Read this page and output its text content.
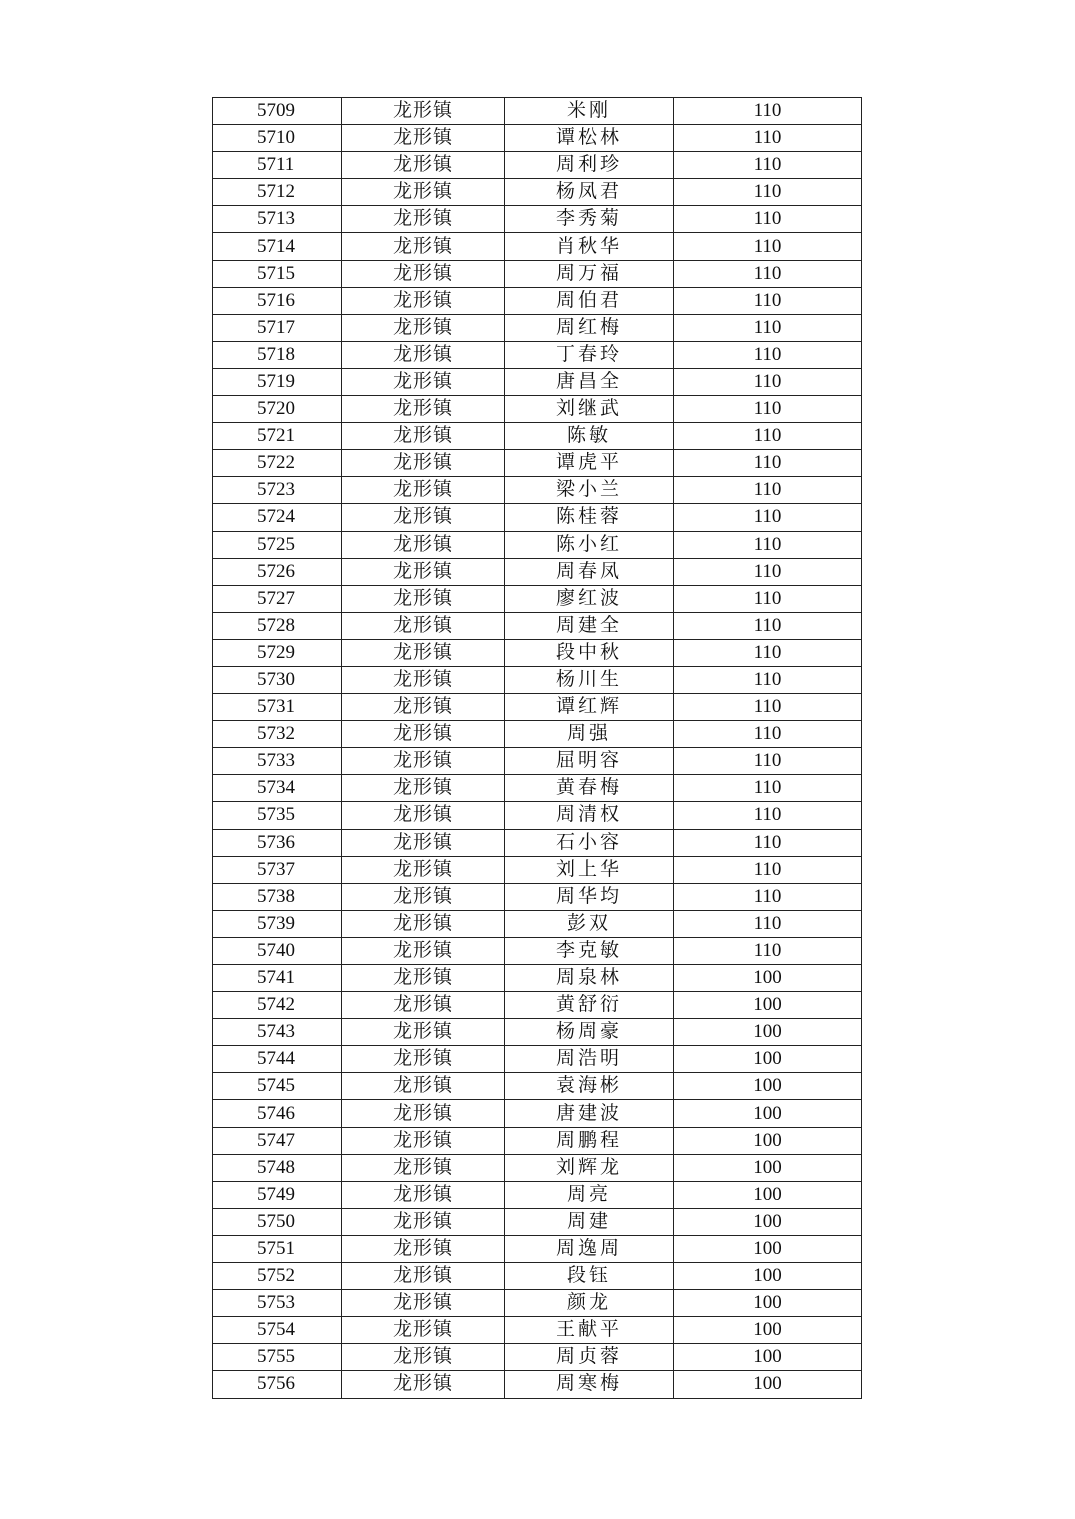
5709	龙形镇	米刚	110
5710	龙形镇	谭松林	110
5711	龙形镇	周利珍	110
5712	龙形镇	杨凤君	110
5713	龙形镇	李秀菊	110
5714	龙形镇	肖秋华	110
5715	龙形镇	周万福	110
5716	龙形镇	周伯君	110
5717	龙形镇	周红梅	110
5718	龙形镇	丁春玲	110
5719	龙形镇	唐昌全	110
5720	龙形镇	刘继武	110
5721	龙形镇	陈敏	110
5722	龙形镇	谭虎平	110
5723	龙形镇	梁小兰	110
5724	龙形镇	陈桂蓉	110
5725	龙形镇	陈小红	110
5726	龙形镇	周春凤	110
5727	龙形镇	廖红波	110
5728	龙形镇	周建全	110
5729	龙形镇	段中秋	110
5730	龙形镇	杨川生	110
5731	龙形镇	谭红辉	110
5732	龙形镇	周强	110
5733	龙形镇	屈明容	110
5734	龙形镇	黄春梅	110
5735	龙形镇	周清权	110
5736	龙形镇	石小容	110
5737	龙形镇	刘上华	110
5738	龙形镇	周华均	110
5739	龙形镇	彭双	110
5740	龙形镇	李克敏	110
5741	龙形镇	周泉林	100
5742	龙形镇	黄舒衍	100
5743	龙形镇	杨周豪	100
5744	龙形镇	周浩明	100
5745	龙形镇	袁海彬	100
5746	龙形镇	唐建波	100
5747	龙形镇	周鹏程	100
5748	龙形镇	刘辉龙	100
5749	龙形镇	周亮	100
5750	龙形镇	周建	100
5751	龙形镇	周逸周	100
5752	龙形镇	段钰	100
5753	龙形镇	颜龙	100
5754	龙形镇	王献平	100
5755	龙形镇	周贞蓉	100
5756	龙形镇	周寒梅	100
